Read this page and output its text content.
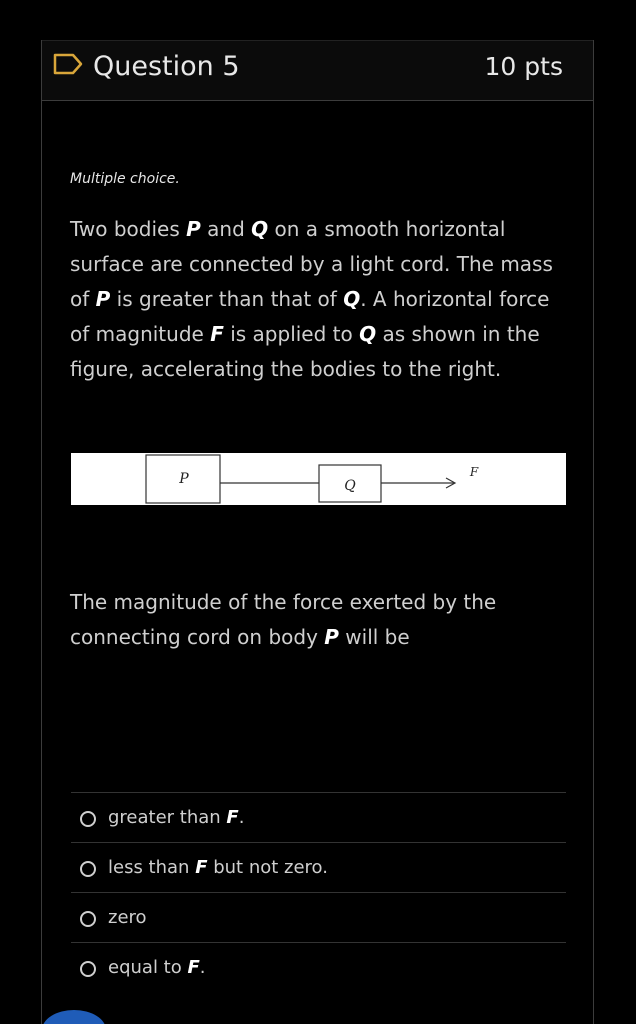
Question 5	10 pts
Multiple choice.
Two bodies P and Q on a smooth horizontal surface are connected by a light cord. The mass of P is greater than that of Q. A horizontal force of magnitude F is applied to Q as shown in the figure, accelerating the bodies to the right.
P	Q
F
The magnitude of the force exerted by the connecting cord on body P will be
greater than F.
less than F but not zero.
zero
equal to F.
